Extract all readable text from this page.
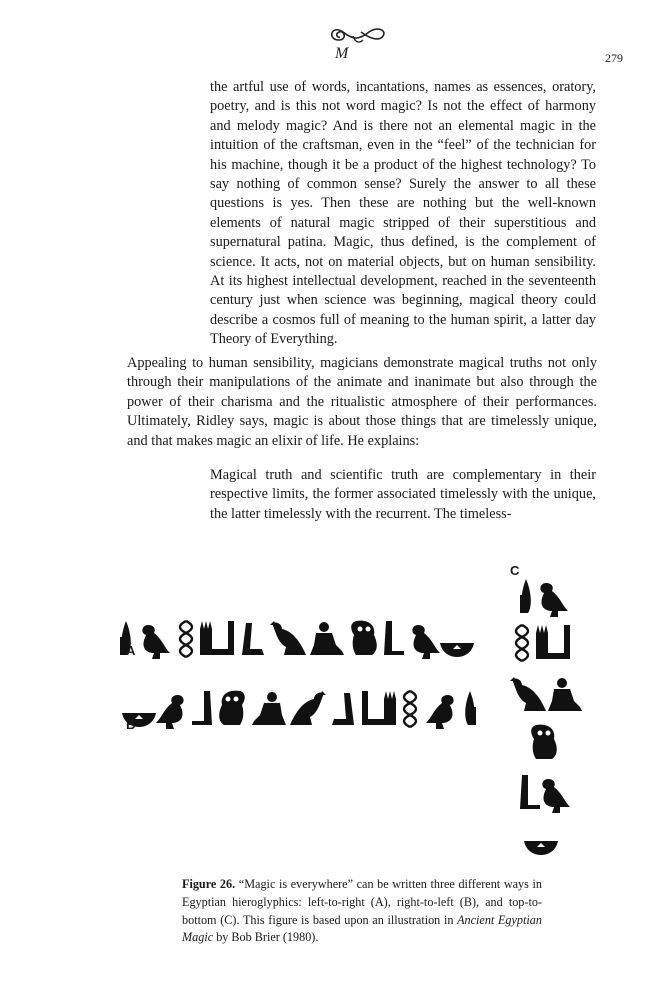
M	279

the artful use of words, incantations, names as essences, oratory, poetry, and is this not word magic? Is not the effect of harmony and melody magic? And is there not an elemental magic in the intuition of the craftsman, even in the “feel” of the technician for his machine, though it be a product of the highest technology? To say nothing of common sense? Surely the answer to all these questions is yes. Then these are nothing but the well-known elements of natural magic stripped of their superstitious and supernatural patina. Magic, thus defined, is the complement of science. It acts, not on material objects, but on human sensibility. At its highest intellectual development, reached in the seventeenth century just when science was beginning, magical theory could describe a cosmos full of meaning to the human spirit, a latter day Theory of Everything.

Appealing to human sensibility, magicians demonstrate magical truths not only through their manipulations of the animate and inanimate but also through the power of their charisma and the ritualistic atmosphere of their performances. Ultimately, Ridley says, magic is about those things that are timelessly unique, and that makes magic an elixir of life. He explains:

Magical truth and scientific truth are complementary in their respective limits, the former associated timelessly with the unique, the latter timelessly with the recurrent. The timeless-

A
B
C

Figure 26. “Magic is everywhere” can be written three different ways in Egyptian hieroglyphics: left-to-right (A), right-to-left (B), and top-to-bottom (C). This figure is based upon an illustration in Ancient Egyptian Magic by Bob Brier (1980).
